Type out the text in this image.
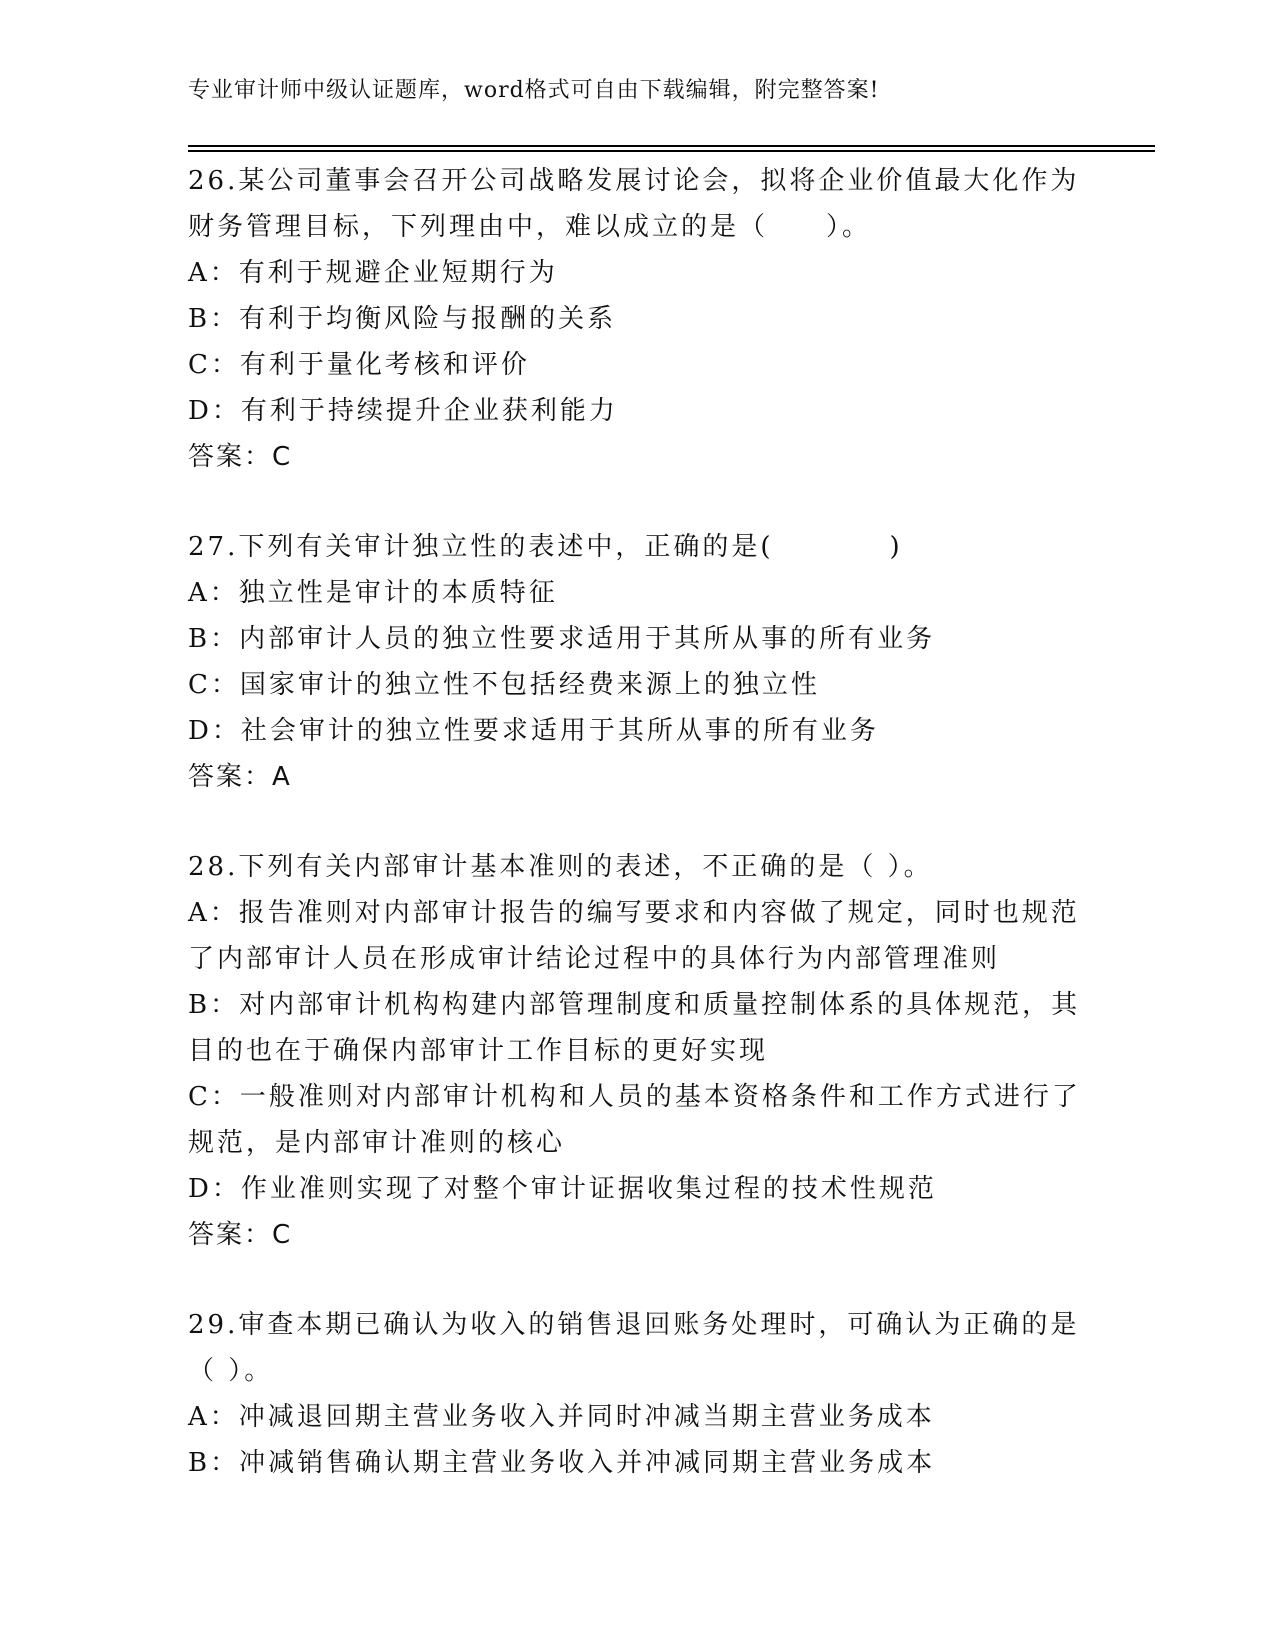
专业审计师中级认证题库，word格式可自由下载编辑，附完整答案!
26.某公司董事会召开公司战略发展讨论会，拟将企业价值最大化作为
财务管理目标，下列理由中，难以成立的是（　　）。
A：有利于规避企业短期行为
B：有利于均衡风险与报酬的关系
C：有利于量化考核和评价
D：有利于持续提升企业获利能力
答案：C
27.下列有关审计独立性的表述中，正确的是(　　　　)
A：独立性是审计的本质特征
B：内部审计人员的独立性要求适用于其所从事的所有业务
C：国家审计的独立性不包括经费来源上的独立性
D：社会审计的独立性要求适用于其所从事的所有业务
答案：A
28.下列有关内部审计基本准则的表述，不正确的是（ ）。
A：报告准则对内部审计报告的编写要求和内容做了规定，同时也规范
了内部审计人员在形成审计结论过程中的具体行为内部管理准则
B：对内部审计机构构建内部管理制度和质量控制体系的具体规范，其
目的也在于确保内部审计工作目标的更好实现
C：一般准则对内部审计机构和人员的基本资格条件和工作方式进行了
规范，是内部审计准则的核心
D：作业准则实现了对整个审计证据收集过程的技术性规范
答案：C
29.审查本期已确认为收入的销售退回账务处理时，可确认为正确的是
（ ）。
A：冲减退回期主营业务收入并同时冲减当期主营业务成本
B：冲减销售确认期主营业务收入并冲减同期主营业务成本
